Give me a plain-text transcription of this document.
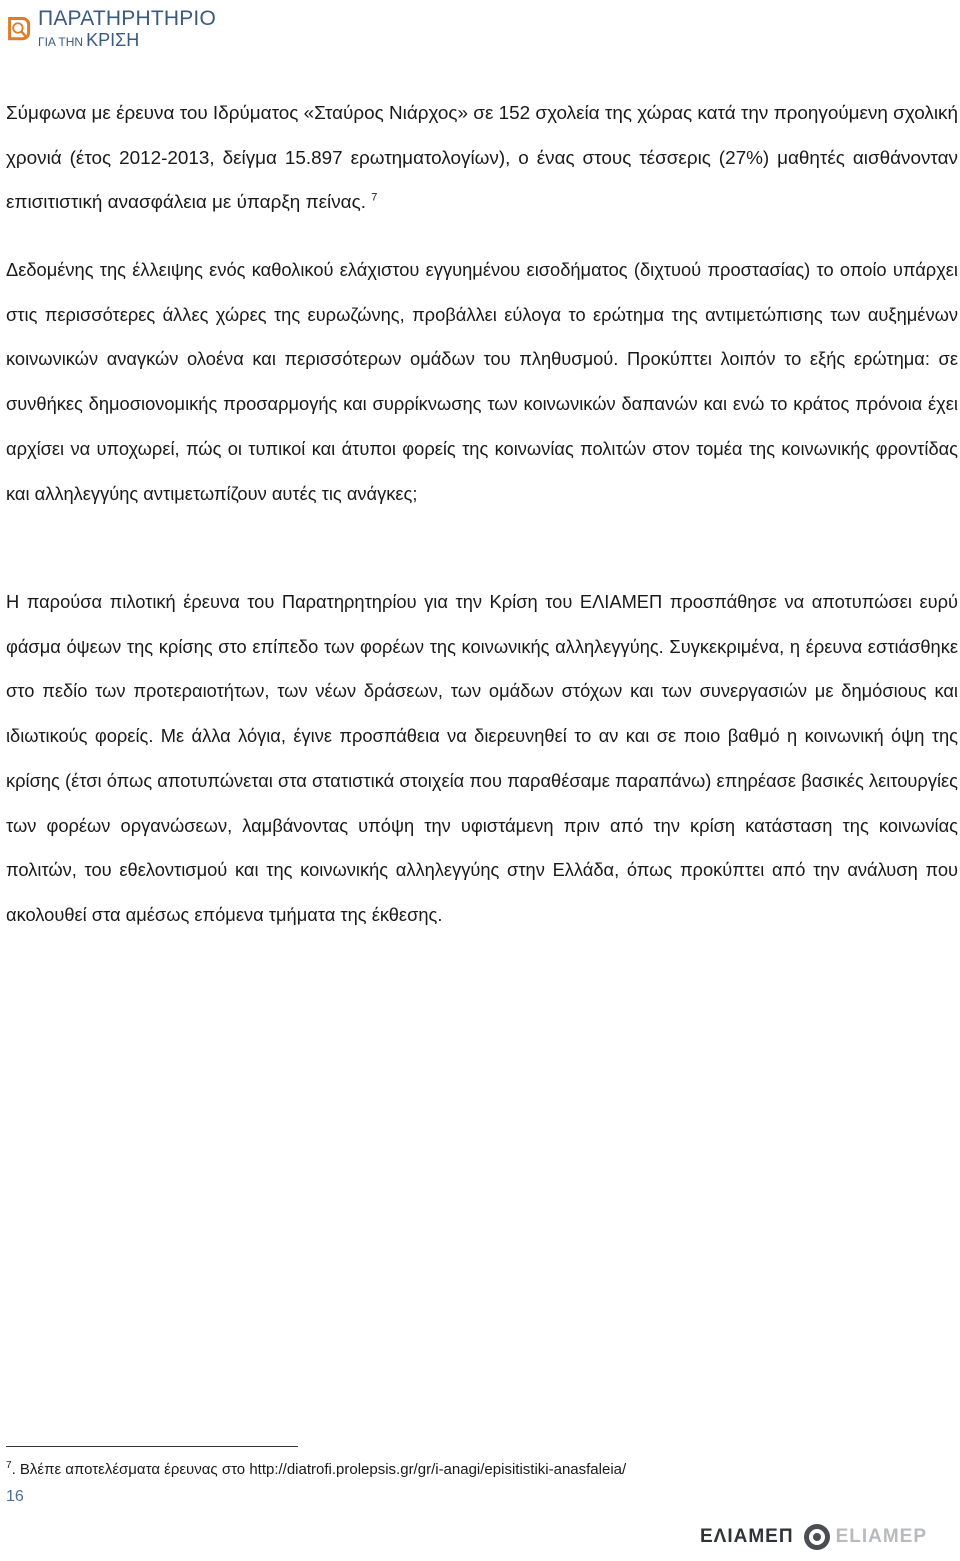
ΠΑΡΑΤΗΡΗΤΗΡΙΟ
ΓΙΑ ΤΗΝ ΚΡΙΣΗ
Σύμφωνα με έρευνα του Ιδρύματος «Σταύρος Νιάρχος» σε 152 σχολεία της χώρας κατά την προηγούμενη σχολική χρονιά (έτος 2012-2013, δείγμα 15.897 ερωτηματολογίων), ο ένας στους τέσσερις (27%) μαθητές αισθάνονταν επισιτιστική ανασφάλεια με ύπαρξη πείνας. $^7$
Δεδομένης της έλλειψης ενός καθολικού ελάχιστου εγγυημένου εισοδήματος (διχτυού προστασίας) το οποίο υπάρχει στις περισσότερες άλλες χώρες της ευρωζώνης, προβάλλει εύλογα το ερώτημα της αντιμετώπισης των αυξημένων κοινωνικών αναγκών ολοένα και περισσότερων ομάδων του πληθυσμού. Προκύπτει λοιπόν το εξής ερώτημα: σε συνθήκες δημοσιονομικής προσαρμογής και συρρίκνωσης των κοινωνικών δαπανών και ενώ το κράτος πρόνοια έχει αρχίσει να υποχωρεί, πώς οι τυπικοί και άτυποι φορείς της κοινωνίας πολιτών στον τομέα της κοινωνικής φροντίδας και αλληλεγγύης αντιμετωπίζουν αυτές τις ανάγκες;
Η παρούσα πιλοτική έρευνα του Παρατηρητηρίου για την Κρίση του ΕΛΙΑΜΕΠ προσπάθησε να αποτυπώσει ευρύ φάσμα όψεων της κρίσης στο επίπεδο των φορέων της κοινωνικής αλληλεγγύης. Συγκεκριμένα, η έρευνα εστιάσθηκε στο πεδίο των προτεραιοτήτων, των νέων δράσεων, των ομάδων στόχων και των συνεργασιών με δημόσιους και ιδιωτικούς φορείς. Με άλλα λόγια, έγινε προσπάθεια να διερευνηθεί το αν και σε ποιο βαθμό η κοινωνική όψη της κρίσης (έτσι όπως αποτυπώνεται στα στατιστικά στοιχεία που παραθέσαμε παραπάνω) επηρέασε βασικές λειτουργίες των φορέων οργανώσεων, λαμβάνοντας υπόψη την υφιστάμενη πριν από την κρίση κατάσταση της κοινωνίας πολιτών, του εθελοντισμού και της κοινωνικής αλληλεγγύης στην Ελλάδα, όπως προκύπτει από την ανάλυση που ακολουθεί στα αμέσως επόμενα τμήματα της έκθεσης.
$^7$. Βλέπε αποτελέσματα έρευνας στο http://diatrofi.prolepsis.gr/gr/i-anagi/episitistiki-anasfaleia/
16
ΕΛΙΑΜΕΠ ELIAMEP
